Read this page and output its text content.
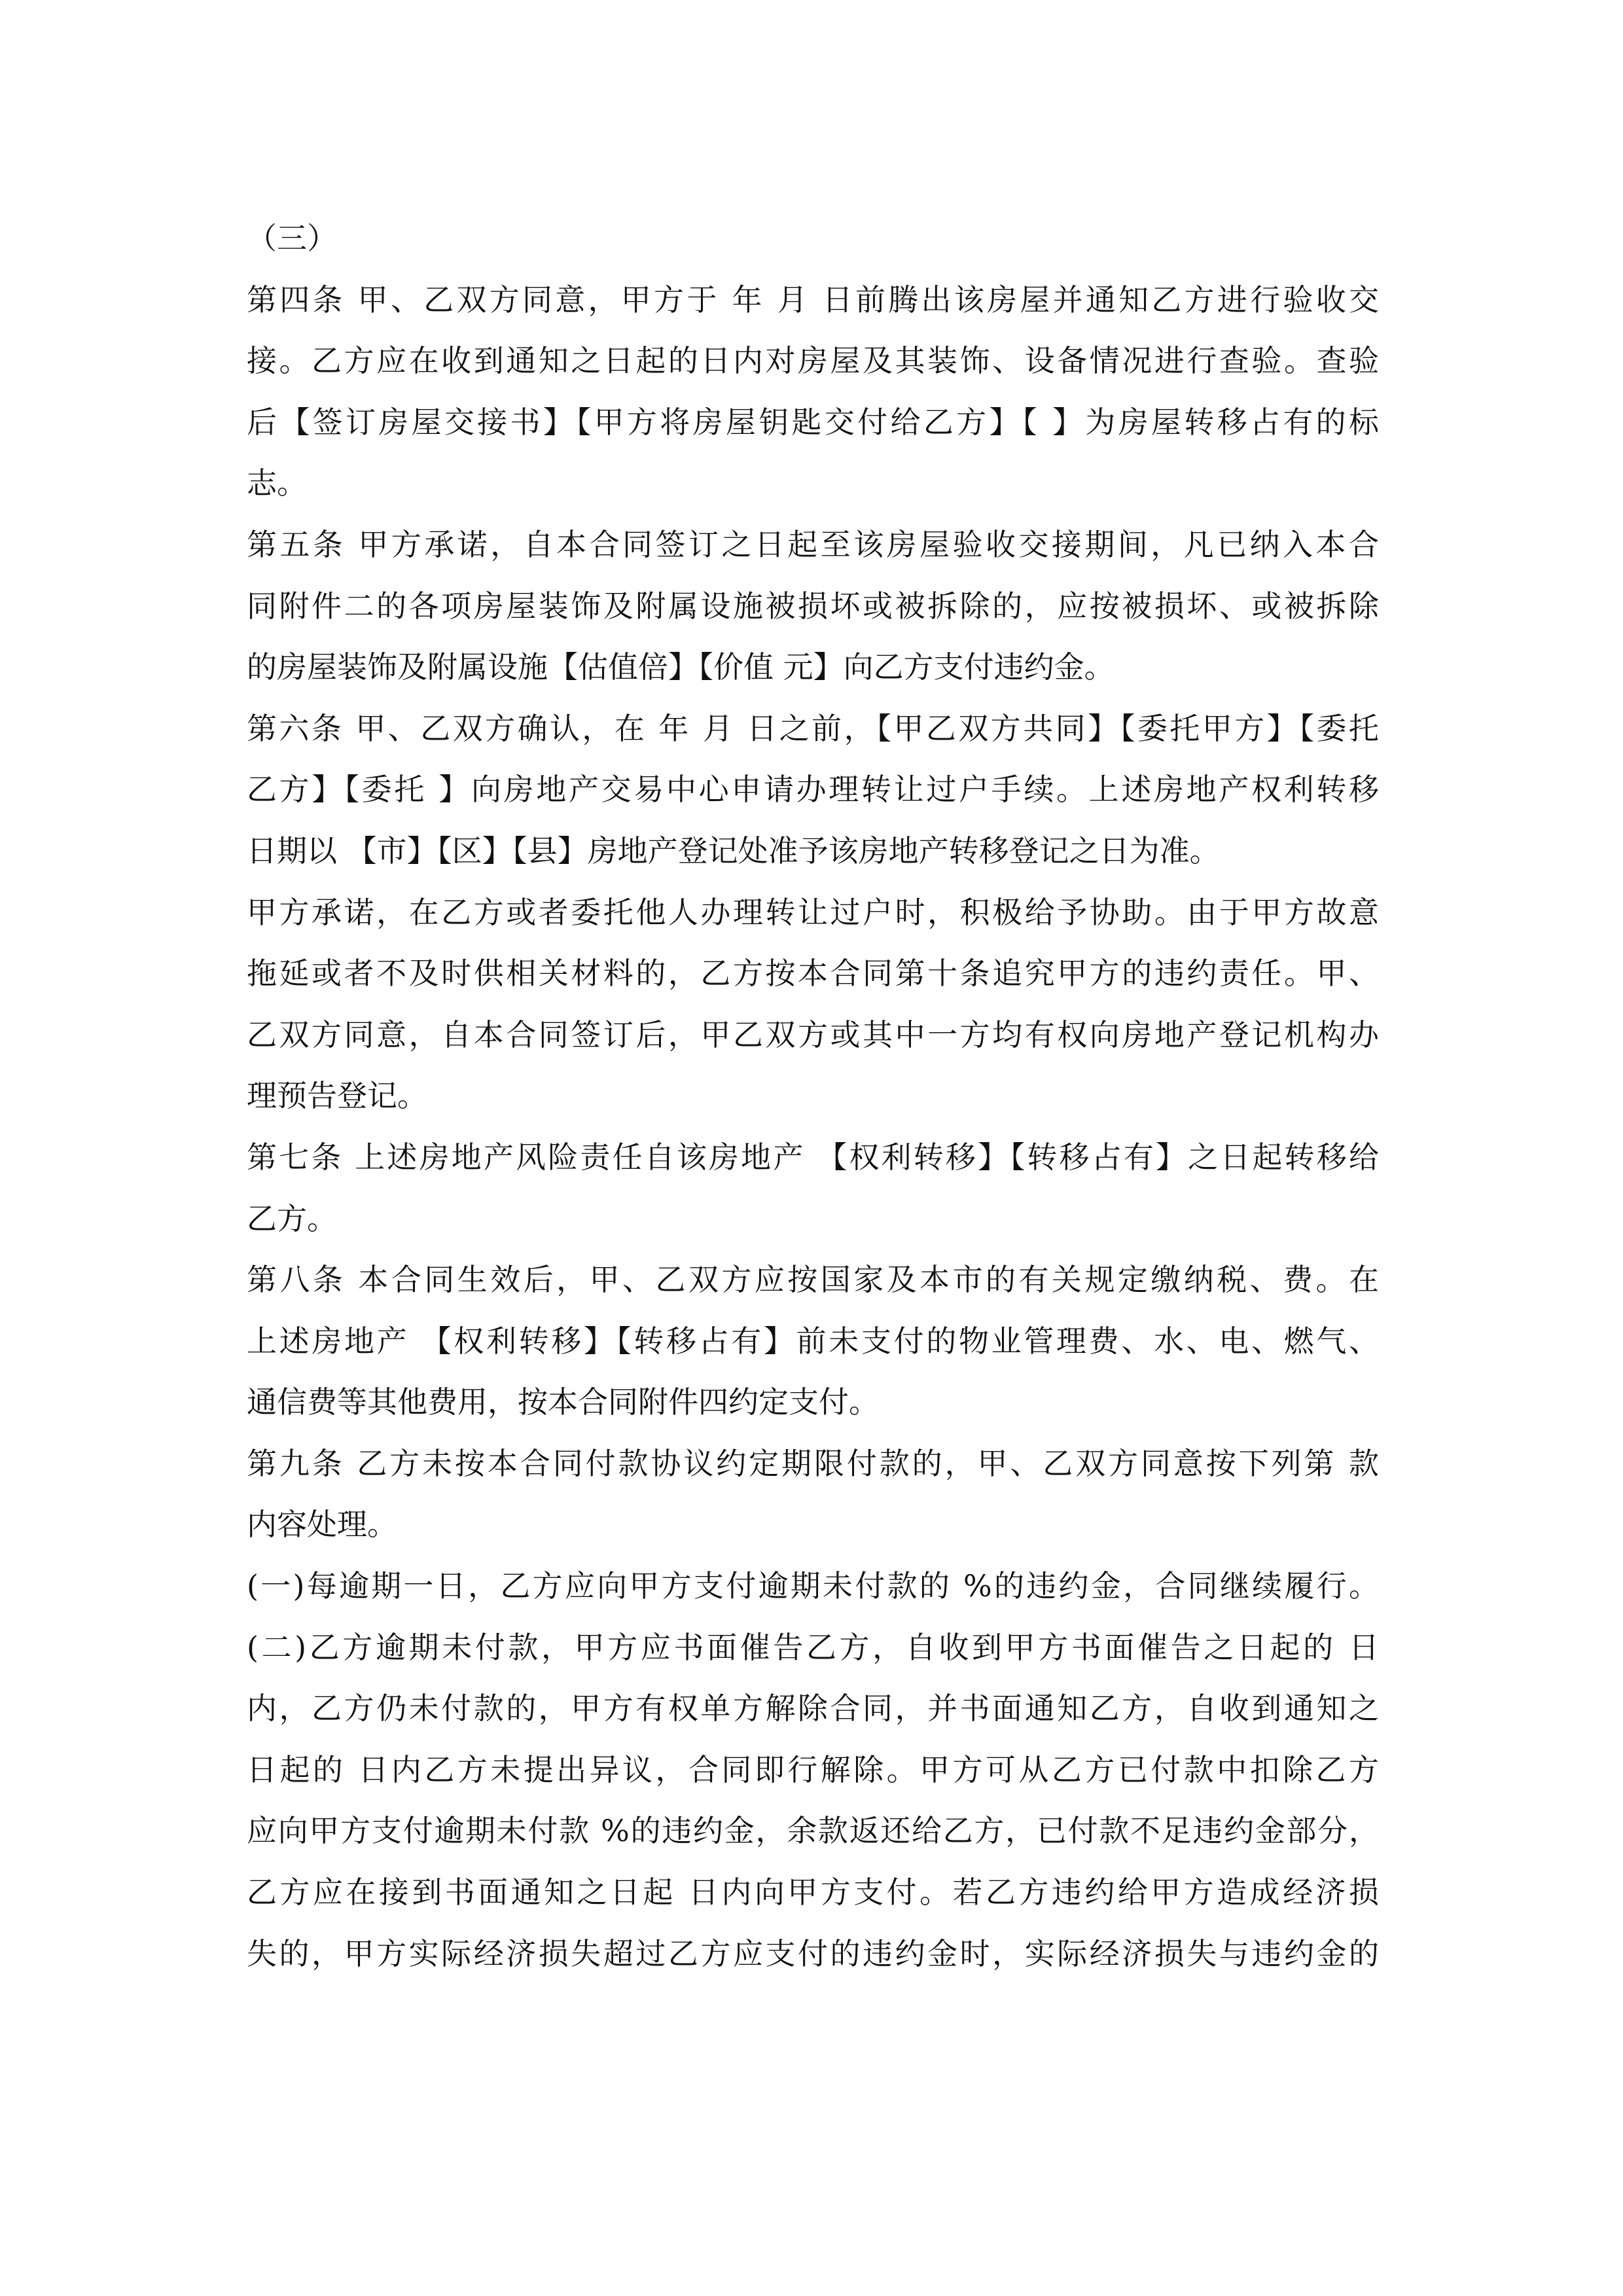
（三）
第四条 甲、乙双方同意，甲方于 年 月 日前腾出该房屋并通知乙方进行验收交
接。乙方应在收到通知之日起的日内对房屋及其装饰、设备情况进行查验。查验
后【签订房屋交接书】【甲方将房屋钥匙交付给乙方】【 】为房屋转移占有的标
志。
第五条 甲方承诺，自本合同签订之日起至该房屋验收交接期间，凡已纳入本合
同附件二的各项房屋装饰及附属设施被损坏或被拆除的，应按被损坏、或被拆除
的房屋装饰及附属设施【估值倍】【价值 元】向乙方支付违约金。
第六条 甲、乙双方确认，在 年 月 日之前，【甲乙双方共同】【委托甲方】【委托
乙方】【委托 】向房地产交易中心申请办理转让过户手续。上述房地产权利转移
日期以 【市】【区】【县】房地产登记处准予该房地产转移登记之日为准。
甲方承诺，在乙方或者委托他人办理转让过户时，积极给予协助。由于甲方故意
拖延或者不及时供相关材料的，乙方按本合同第十条追究甲方的违约责任。甲、
乙双方同意，自本合同签订后，甲乙双方或其中一方均有权向房地产登记机构办
理预告登记。
第七条 上述房地产风险责任自该房地产 【权利转移】【转移占有】之日起转移给
乙方。
第八条 本合同生效后，甲、乙双方应按国家及本市的有关规定缴纳税、费。在
上述房地产 【权利转移】【转移占有】前未支付的物业管理费、水、电、燃气、
通信费等其他费用，按本合同附件四约定支付。
第九条 乙方未按本合同付款协议约定期限付款的，甲、乙双方同意按下列第 款
内容处理。
(一)每逾期一日，乙方应向甲方支付逾期未付款的 %的违约金，合同继续履行。
(二)乙方逾期未付款，甲方应书面催告乙方，自收到甲方书面催告之日起的 日
内，乙方仍未付款的，甲方有权单方解除合同，并书面通知乙方，自收到通知之
日起的 日内乙方未提出异议，合同即行解除。甲方可从乙方已付款中扣除乙方
应向甲方支付逾期未付款 %的违约金，余款返还给乙方，已付款不足违约金部分，
乙方应在接到书面通知之日起 日内向甲方支付。若乙方违约给甲方造成经济损
失的，甲方实际经济损失超过乙方应支付的违约金时，实际经济损失与违约金的
